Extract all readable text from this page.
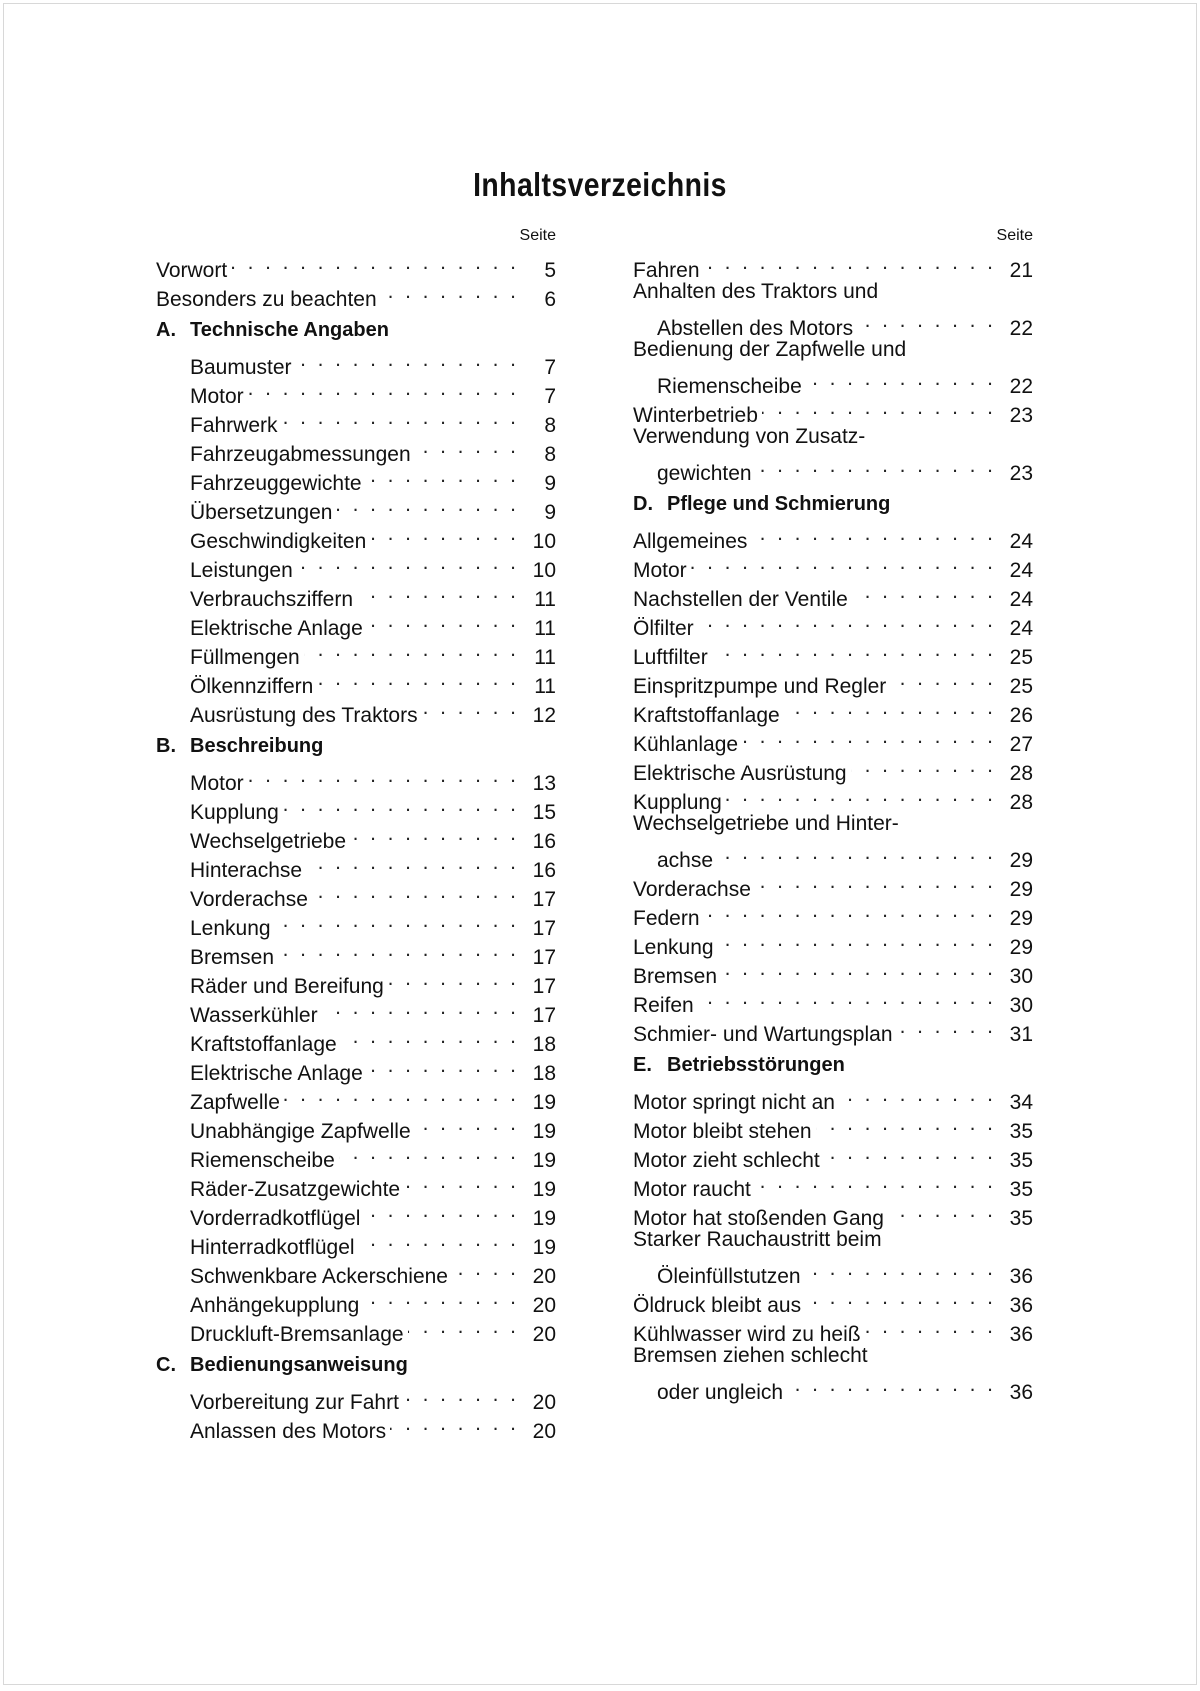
Inhaltsverzeichnis
Seite
Vorwort . .	5
Besonders zu beachten . .	6
A. Technische Angaben
Baumuster . .	7
Motor . .	7
Fahrwerk . .	8
Fahrzeugabmessungen . .	8
Fahrzeuggewichte . .	9
Übersetzungen . .	9
Geschwindigkeiten . .	10
Leistungen . .	10
Verbrauchsziffern . .	11
Elektrische Anlage . .	11
Füllmengen . .	11
Ölkennziffern . .	11
Ausrüstung des Traktors . .	12
B. Beschreibung
Motor . .	13
Kupplung . .	15
Wechselgetriebe . .	16
Hinterachse . .	16
Vorderachse . .	17
Lenkung . .	17
Bremsen . .	17
Räder und Bereifung . .	17
Wasserkühler . .	17
Kraftstoffanlage . .	18
Elektrische Anlage . .	18
Zapfwelle . .	19
Unabhängige Zapfwelle . .	19
Riemenscheibe . .	19
Räder-Zusatzgewichte . .	19
Vorderradkotflügel . .	19
Hinterradkotflügel . .	19
Schwenkbare Ackerschiene . .	20
Anhängekupplung . .	20
Druckluft-Bremsanlage . .	20
C. Bedienungsanweisung
Vorbereitung zur Fahrt . .	20
Anlassen des Motors . .	20
Seite
Fahren . .	21
Anhalten des Traktors und
Abstellen des Motors . .	22
Bedienung der Zapfwelle und
Riemenscheibe . .	22
Winterbetrieb . .	23
Verwendung von Zusatz-
gewichten . .	23
D. Pflege und Schmierung
Allgemeines . .	24
Motor . .	24
Nachstellen der Ventile . .	24
Ölfilter . .	24
Luftfilter . .	25
Einspritzpumpe und Regler . .	25
Kraftstoffanlage . .	26
Kühlanlage . .	27
Elektrische Ausrüstung . .	28
Kupplung . .	28
Wechselgetriebe und Hinter-
achse . .	29
Vorderachse . .	29
Federn . .	29
Lenkung . .	29
Bremsen . .	30
Reifen . .	30
Schmier- und Wartungsplan . .	31
E. Betriebsstörungen
Motor springt nicht an . .	34
Motor bleibt stehen . .	35
Motor zieht schlecht . .	35
Motor raucht . .	35
Motor hat stoßenden Gang . .	35
Starker Rauchaustritt beim
Öleinfüllstutzen . .	36
Öldruck bleibt aus . .	36
Kühlwasser wird zu heiß . .	36
Bremsen ziehen schlecht
oder ungleich . .	36
